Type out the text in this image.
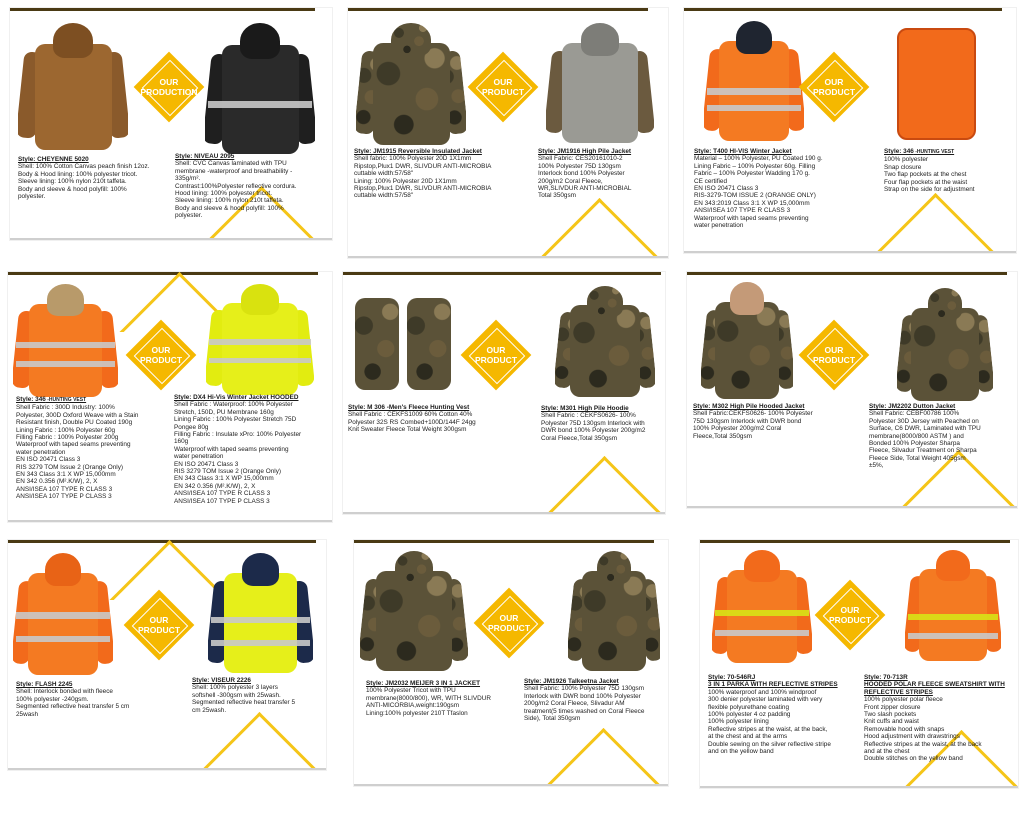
OUR
PRODUCTION
Style: CHEYENNE 5020
Shell: 100% Cotton Canvas peach finish 12oz.
Body & Hood lining: 100% polyester tricot.
Sleeve lining: 100% nylon 210t taffeta.
Body and sleeve & hood polyfill: 100%
polyester.
Style: NIVEAU 2095
Shell: CVC Canvas laminated with TPU
membrane -waterproof and breathability -
335g/m².
Contrast:100%Polyester reflective cordura.
Hood lining: 100% polyester tricot.
Sleeve lining: 100% nylon 210t taffeta.
Body and sleeve & hood polyfill: 100%
polyester.
OUR
PRODUCT
Style: JM1915 Reversible Insulated Jacket
Shell fabric: 100% Polyester 20D 1X1mm
Ripstop,Plux1 DWR, SLIVDUR ANTI-MICROBIA
cuttable width:57/58"
Lining: 100% Polyester 20D 1X1mm
Ripstop,Plux1 DWR, SLIVDUR ANTI-MICROBIA
cuttable width:57/58"
Style: JM1916 High Pile Jacket
Shell Fabric: CES20161010-2
100% Polyester 75D 130gsm
Interlock bond 100% Polyester
200g/m2 Coral Fleece,
WR,SLIVDUR ANTI-MICROBIAL
Total 350gsm
OUR
PRODUCT
Style: T400 HI-VIS Winter Jacket
Material – 100% Polyester, PU Coated 190 g.
Lining Fabric – 100% Polyester 60g. Filling
Fabric – 100% Polyester Wadding 170 g.
CE certified
EN ISO 20471 Class 3
RIS-3279-TOM ISSUE 2 (ORANGE ONLY)
EN 343:2019 Class 3:1 X WP 15,000mm
ANSI/ISEA 107 TYPE R CLASS 3
Waterproof with taped seams preventing
water penetration
Style: 346 -HUNTING VEST
100% polyester
Snap closure
Two flap pockets at the chest
Four flap pockets at the waist
Strap on the side for adjustment
OUR
PRODUCT
Style: 346 -HUNTING VEST
Shell Fabric : 300D Industry: 100%
Polyester, 300D Oxford Weave with a Stain
Resistant finish, Double PU Coated 190g
Lining Fabric : 100% Polyester 60g
Filling Fabric : 100% Polyester 200g
Waterproof with taped seams preventing
water penetration
EN ISO 20471 Class 3
RIS 3279 TOM Issue 2 (Orange Only)
EN 343 Class 3:1 X WP 15,000mm
EN 342 0.356 (M².K/W), 2, X
ANSI/ISEA 107 TYPE R CLASS 3
ANSI/ISEA 107 TYPE P CLASS 3
Style: DX4 Hi-Vis Winter Jacket HOODED
Shell Fabric : Waterproof: 100% Polyester
Stretch, 150D, PU Membrane 160g
Lining Fabric : 100% Polyester Stretch 75D
Pongee 80g
Filling Fabric : Insulate xPro: 100% Polyester
160g
Waterproof with taped seams preventing
water penetration
EN ISO 20471 Class 3
RIS 3279 TOM Issue 2 (Orange Only)
EN 343 Class 3:1 X WP 15,000mm
EN 342 0.356 (M².K/W), 2, X
ANSI/ISEA 107 TYPE R CLASS 3
ANSI/ISEA 107 TYPE P CLASS 3
OUR
PRODUCT
Style: M 306 -Men's Fleece Hunting Vest
Shell Fabric : CEKFS1009 60% Cotton 40%
Polyester 32S RS Combed+100D/144F 24gg
Knit Sweater Fleece Total Weight 300gsm
Style: M301 High Pile Hoodie
Shell Fabric : CEKFS0626- 100%
Polyester 75D 130gsm Interlock with
DWR bond 100% Polyester 200g/m2
Coral Fleece,Total 350gsm
OUR
PRODUCT
Style: M302 High Pile Hooded Jacket
Shell Fabric:CEKFS0626- 100% Polyester
75D 130gsm Interlock with DWR bond
100% Polyester 200g/m2 Coral
Fleece,Total 350gsm
Style: JM2202 Dutton Jacket
Shell Fabric: CEBF00786 100%
Polyester 30D Jersey with Peached on
Surface, C6 DWR, Laminated with TPU
membrane(8000/800 ASTM ) and
Bonded 100% Polyester Sharpa
Fleece, Silvadur Treatment on Sharpa
Fleece Side, Total Weight 405gsm
±5%,
OUR
PRODUCT
Style: FLASH 2245
Shell: Interlock bonded with fleece
100% polyester -240gsm.
Segmented reflective heat transfer 5 cm
25wash
Style: VISEUR 2226
Shell: 100% polyester 3 layers
softshell -300gsm with 25wash.
Segmented reflective heat transfer 5
cm 25wash.
OUR
PRODUCT
Style: JM2032 MEIJER 3 IN 1 JACKET
100% Polyester Tricot with TPU
membrane(8000/800), WR, WITH SLIVDUR
ANTI-MICORBIA,weight:190gsm
Lining:100% polyester 210T Tfaslon
Style: JM1926 Talkeetna Jacket
Shell Fabric: 100% Polyester 75D 130gsm
Interlock with DWR bond 100% Polyester
200g/m2 Coral Fleece, Slivadur AM
treatment(5 times washed on Coral Fleece
Side), Total 350gsm
OUR
PRODUCT
Style: 70-546RJ
3 IN 1 PARKA WITH REFLECTIVE STRIPES
100% waterproof and 100% windproof
300 denier polyester laminated with very
flexible polyurethane coating
100% polyester 4 oz padding
100% polyester lining
Reflective stripes at the waist, at the back,
at the chest and at the arms
Double sewing on the silver reflective stripe
and on the yellow band
Style: 70-713R
HOODED POLAR FLEECE SWEATSHIRT WITH REFLECTIVE STRIPES
100% polyester polar fleece
Front zipper closure
Two slash pockets
Knit cuffs and waist
Removable hood with snaps
Hood adjustment with drawstrings
Reflective stripes at the waist, at the back
and at the chest
Double stitches on the yellow band
